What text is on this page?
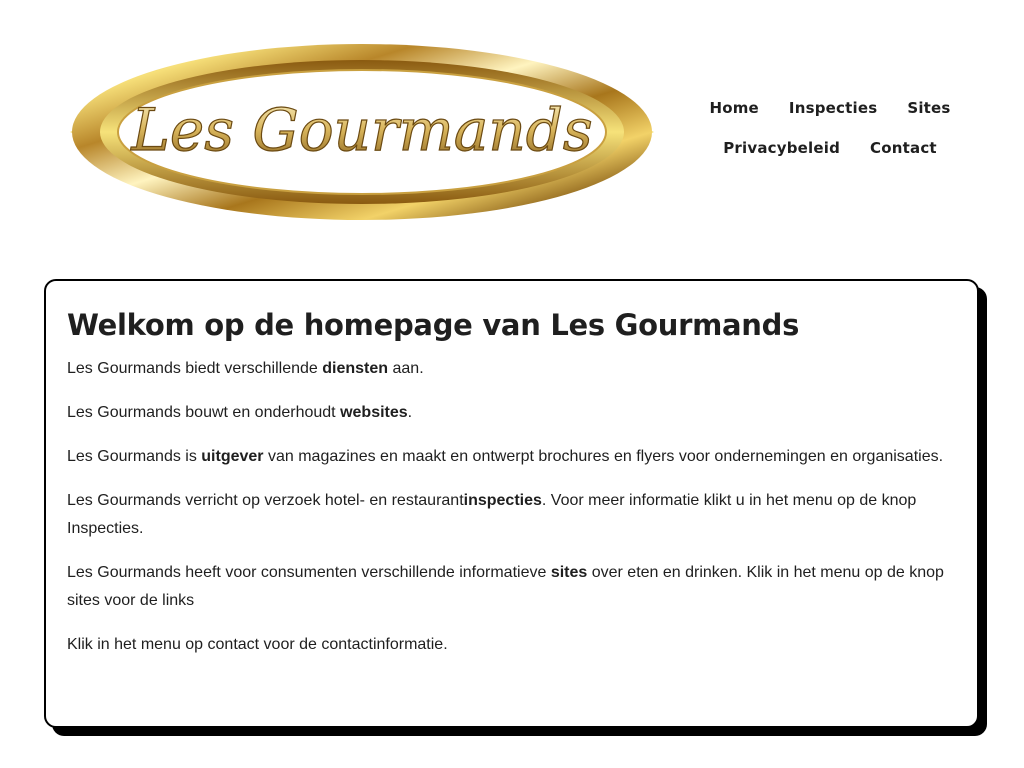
Les Gourmands	Home Inspecties Sites
Privacybeleid Contact
Welkom op de homepage van Les Gourmands

Les Gourmands biedt verschillende diensten aan.

Les Gourmands bouwt en onderhoudt websites.

Les Gourmands is uitgever van magazines en maakt en ontwerpt brochures en flyers voor ondernemingen en organisaties.

Les Gourmands verricht op verzoek hotel- en restaurantinspecties. Voor meer informatie klikt u in het menu op de knop Inspecties.

Les Gourmands heeft voor consumenten verschillende informatieve sites over eten en drinken. Klik in het menu op de knop sites voor de links

Klik in het menu op contact voor de contactinformatie.
